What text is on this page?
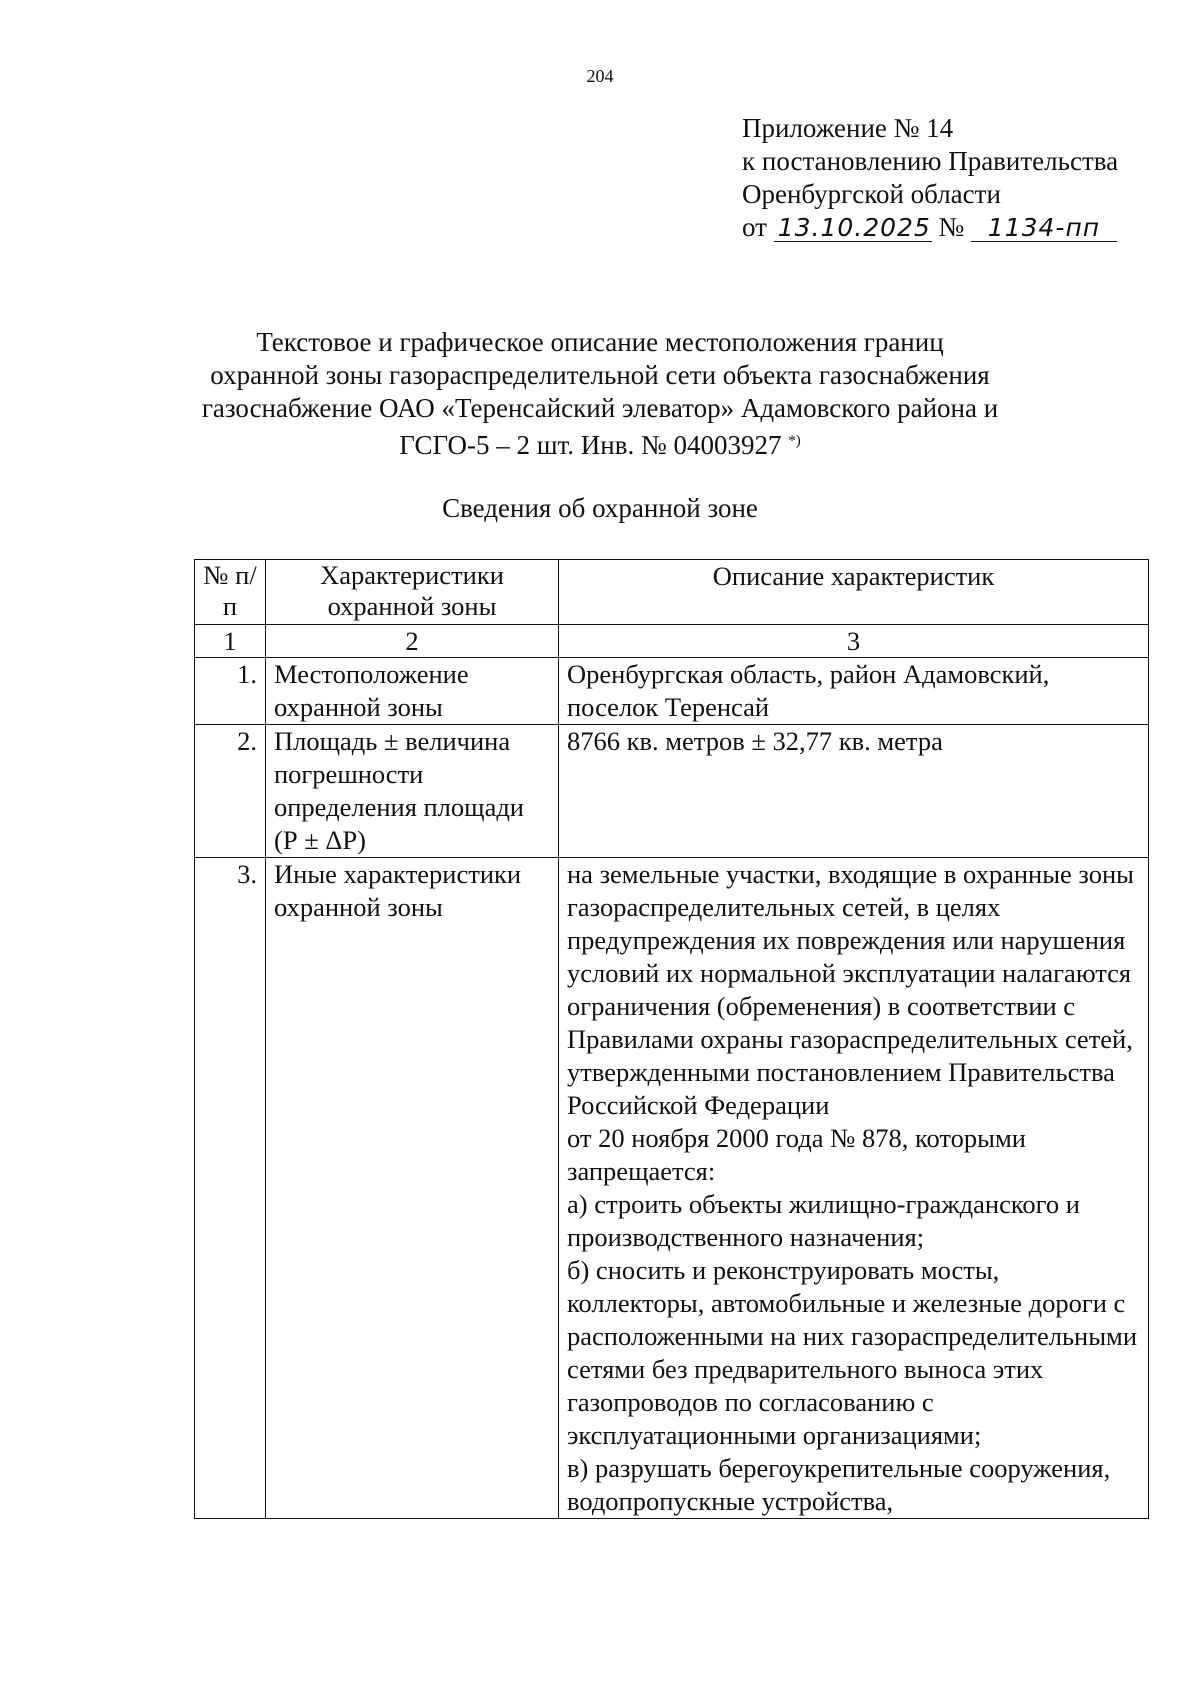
204
Приложение № 14
к постановлению Правительства
Оренбургской области
от 13.10.2025 № 1134-пп
Текстовое и графическое описание местоположения границ
охранной зоны газораспределительной сети объекта газоснабжения
газоснабжение ОАО «Теренсайский элеватор» Адамовского района и
ГСГО-5 – 2 шт. Инв. № 04003927 *)
Сведения об охранной зоне
№ п/п	Характеристики охранной зоны	Описание характеристик
1	2	3
1.	Местоположение охранной зоны	Оренбургская область, район Адамовский, поселок Теренсай
2.	Площадь ± величина погрешности определения площади (Р ± ΔР)	8766 кв. метров ± 32,77 кв. метра
3.	Иные характеристики охранной зоны	на земельные участки, входящие в охранные зоны газораспределительных сетей, в целях предупреждения их повреждения или нарушения условий их нормальной эксплуатации налагаются ограничения (обременения) в соответствии с Правилами охраны газораспределительных сетей, утвержденными постановлением Правительства Российской Федерации
от 20 ноября 2000 года № 878, которыми запрещается:
а) строить объекты жилищно-гражданского и производственного назначения;
б) сносить и реконструировать мосты, коллекторы, автомобильные и железные дороги с расположенными на них газораспределительными сетями без предварительного выноса этих газопроводов по согласованию с эксплуатационными организациями;
в) разрушать берегоукрепительные сооружения, водопропускные устройства,
